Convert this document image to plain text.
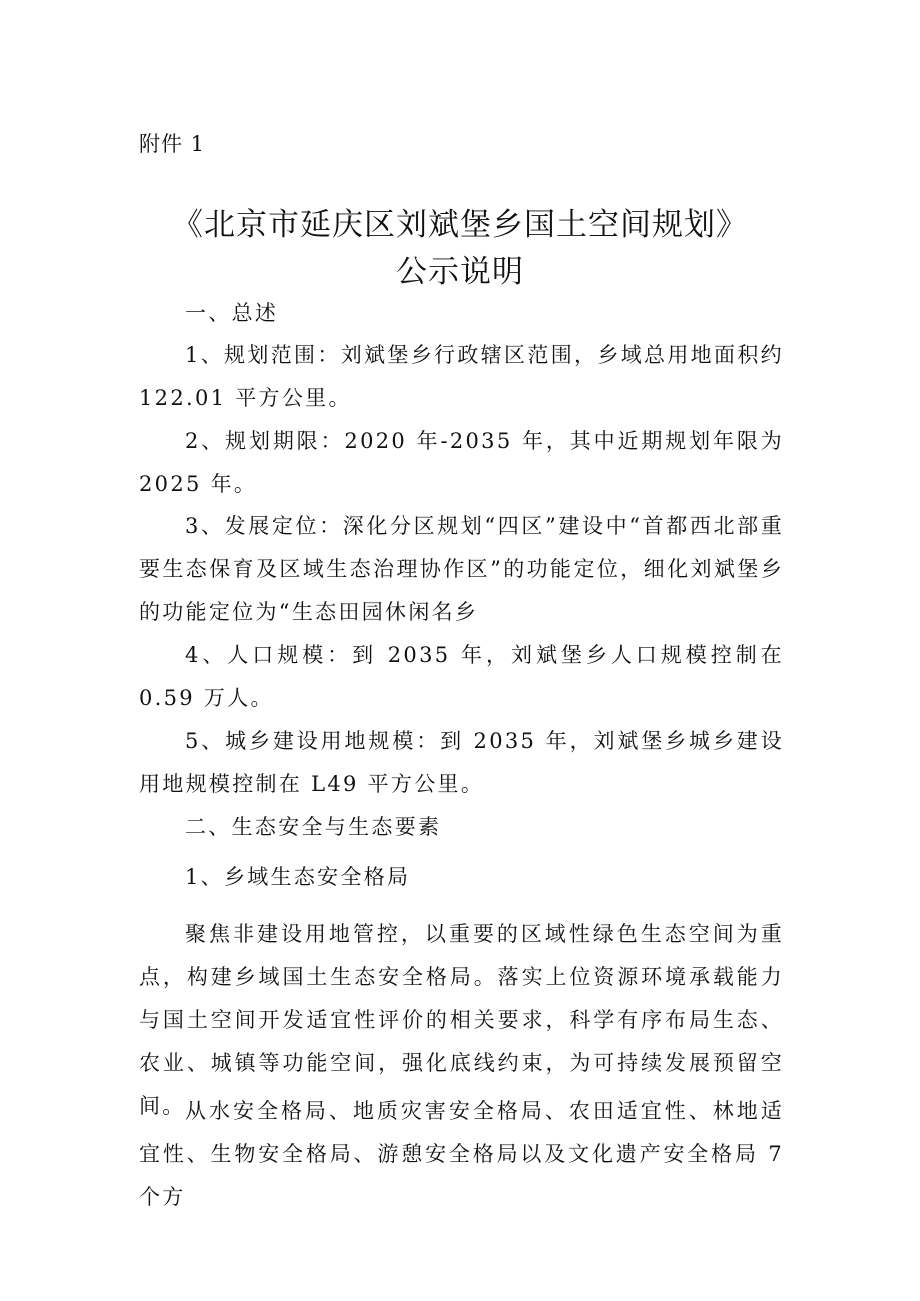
附件 1
《北京市延庆区刘斌堡乡国土空间规划》
公示说明

一、总述

1、规划范围：刘斌堡乡行政辖区范围，乡域总用地面积约 122.01 平方公里。

2、规划期限：2020 年-2035 年，其中近期规划年限为 2025 年。

3、发展定位：深化分区规划“四区”建设中“首都西北部重要生态保育及区域生态治理协作区”的功能定位，细化刘斌堡乡的功能定位为“生态田园休闲名乡

4、人口规模：到 2035 年，刘斌堡乡人口规模控制在 0.59 万人。

5、城乡建设用地规模：到 2035 年，刘斌堡乡城乡建设用地规模控制在 L49 平方公里。

二、生态安全与生态要素

1、乡域生态安全格局

聚焦非建设用地管控，以重要的区域性绿色生态空间为重点，构建乡域国土生态安全格局。落实上位资源环境承载能力与国土空间开发适宜性评价的相关要求，科学有序布局生态、农业、城镇等功能空间，强化底线约束，为可持续发展预留空间。 从水安全格局、地质灾害安全格局、农田适宜性、林地适宜性、生物安全格局、游憩安全格局以及文化遗产安全格局 7 个方
